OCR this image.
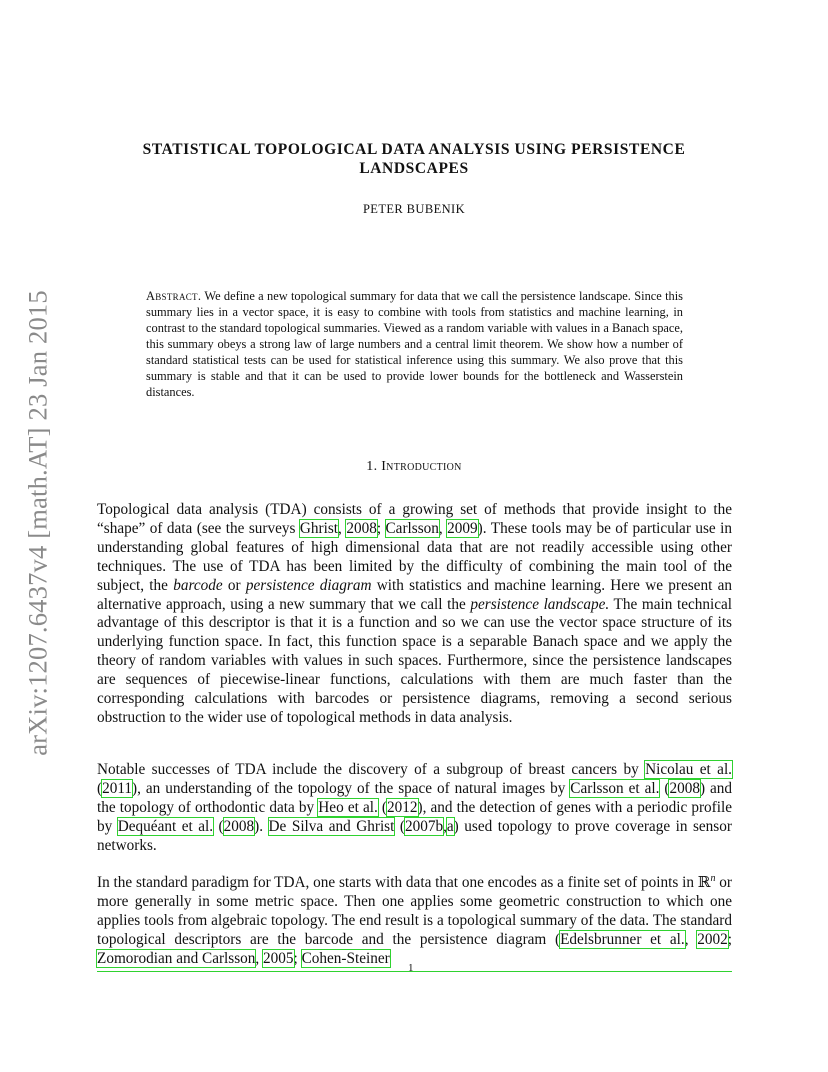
arXiv:1207.6437v4 [math.AT] 23 Jan 2015
STATISTICAL TOPOLOGICAL DATA ANALYSIS USING PERSISTENCE
LANDSCAPES
PETER BUBENIK
Abstract. We define a new topological summary for data that we call the persistence landscape. Since this summary lies in a vector space, it is easy to combine with tools from statistics and machine learning, in contrast to the standard topological summaries. Viewed as a random variable with values in a Banach space, this summary obeys a strong law of large numbers and a central limit theorem. We show how a number of standard statistical tests can be used for statistical inference using this summary. We also prove that this summary is stable and that it can be used to provide lower bounds for the bottleneck and Wasserstein distances.
1. Introduction
Topological data analysis (TDA) consists of a growing set of methods that provide insight to the “shape” of data (see the surveys Ghrist, 2008; Carlsson, 2009). These tools may be of particular use in understanding global features of high dimensional data that are not readily accessible using other techniques. The use of TDA has been limited by the difficulty of combining the main tool of the subject, the barcode or persistence diagram with statistics and machine learning. Here we present an alternative approach, using a new summary that we call the persistence landscape. The main technical advantage of this descriptor is that it is a function and so we can use the vector space structure of its underlying function space. In fact, this function space is a separable Banach space and we apply the theory of random variables with values in such spaces. Furthermore, since the persistence landscapes are sequences of piecewise-linear functions, calculations with them are much faster than the corresponding calculations with barcodes or persistence diagrams, removing a second serious obstruction to the wider use of topological methods in data analysis.
Notable successes of TDA include the discovery of a subgroup of breast cancers by Nicolau et al. (2011), an understanding of the topology of the space of natural images by Carlsson et al. (2008) and the topology of orthodontic data by Heo et al. (2012), and the detection of genes with a periodic profile by Dequéant et al. (2008). De Silva and Ghrist (2007b,a) used topology to prove coverage in sensor networks.
In the standard paradigm for TDA, one starts with data that one encodes as a finite set of points in ℝ$^n$ or more generally in some metric space. Then one applies some geometric construction to which one applies tools from algebraic topology. The end result is a topological summary of the data. The standard topological descriptors are the barcode and the persistence diagram (Edelsbrunner et al., 2002; Zomorodian and Carlsson, 2005; Cohen-Steiner
1
